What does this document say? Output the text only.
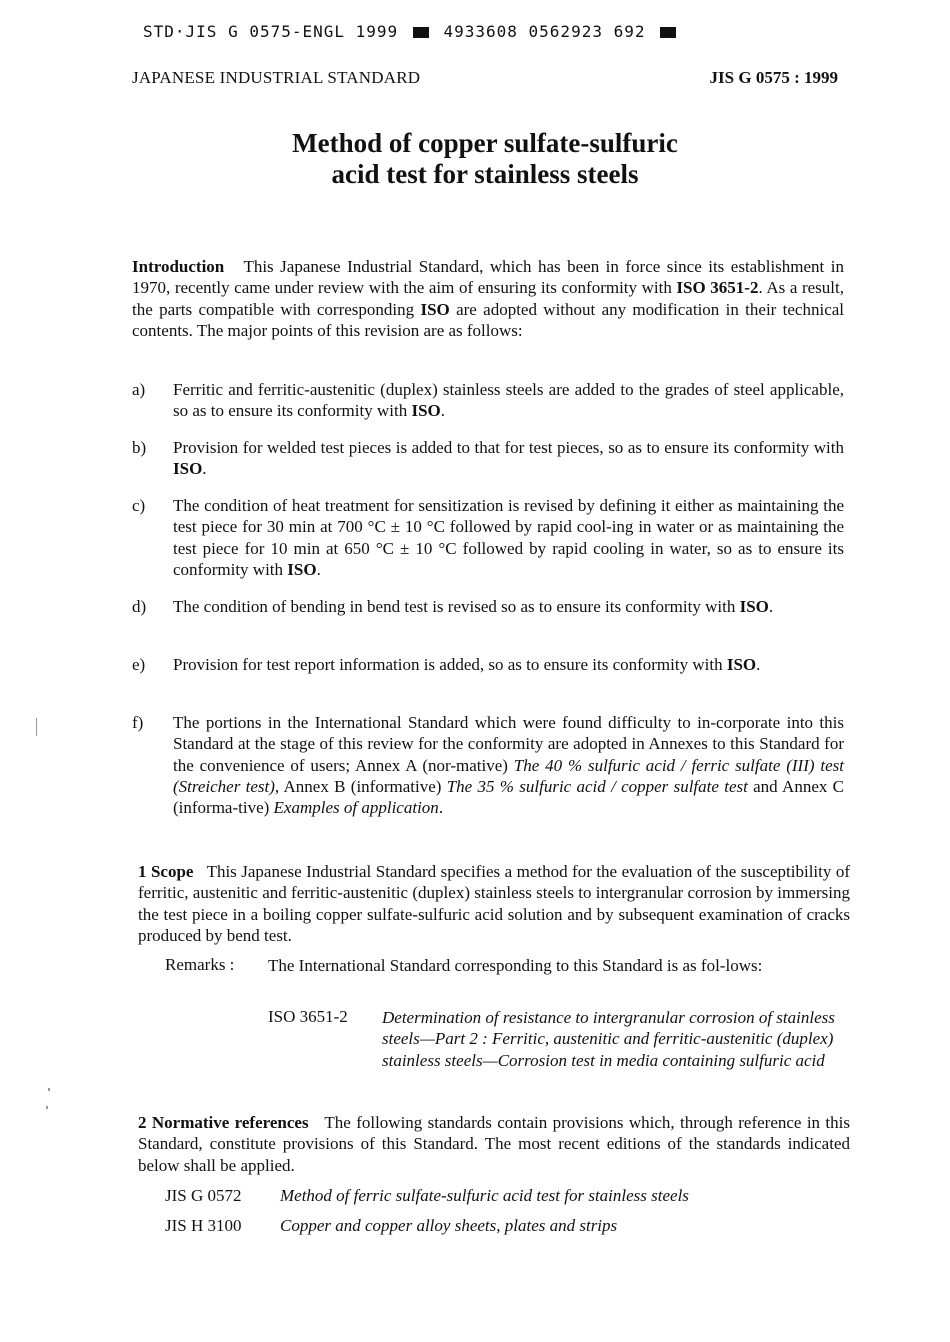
STD·JIS G 0575-ENGL 1999	4933608 0562923 692
JAPANESE INDUSTRIAL STANDARD	JIS G 0575 : 1999
Method of copper sulfate-sulfuric
acid test for stainless steels
Introduction This Japanese Industrial Standard, which has been in force since its establishment in 1970, recently came under review with the aim of ensuring its conformity with ISO 3651-2. As a result, the parts compatible with corresponding ISO are adopted without any modification in their technical contents. The major points of this revision are as follows:
a) Ferritic and ferritic-austenitic (duplex) stainless steels are added to the grades of steel applicable, so as to ensure its conformity with ISO.
b) Provision for welded test pieces is added to that for test pieces, so as to ensure its conformity with ISO.
c) The condition of heat treatment for sensitization is revised by defining it either as maintaining the test piece for 30 min at 700 °C ± 10 °C followed by rapid cool-ing in water or as maintaining the test piece for 10 min at 650 °C ± 10 °C followed by rapid cooling in water, so as to ensure its conformity with ISO.
d) The condition of bending in bend test is revised so as to ensure its conformity with ISO.
e) Provision for test report information is added, so as to ensure its conformity with ISO.
f) The portions in the International Standard which were found difficulty to in-corporate into this Standard at the stage of this review for the conformity are adopted in Annexes to this Standard for the convenience of users; Annex A (nor-mative) The 40 % sulfuric acid / ferric sulfate (III) test (Streicher test), Annex B (informative) The 35 % sulfuric acid / copper sulfate test and Annex C (informa-tive) Examples of application.
1 Scope This Japanese Industrial Standard specifies a method for the evaluation of the susceptibility of ferritic, austenitic and ferritic-austenitic (duplex) stainless steels to intergranular corrosion by immersing the test piece in a boiling copper sulfate-sulfuric acid solution and by subsequent examination of cracks produced by bend test.
Remarks : The International Standard corresponding to this Standard is as fol-lows:
ISO 3651-2 Determination of resistance to intergranular corrosion of stainless steels—Part 2 : Ferritic, austenitic and ferritic-austenitic (duplex) stainless steels—Corrosion test in media containing sulfuric acid
2 Normative references The following standards contain provisions which, through reference in this Standard, constitute provisions of this Standard. The most recent editions of the standards indicated below shall be applied.
JIS G 0572 Method of ferric sulfate-sulfuric acid test for stainless steels
JIS H 3100 Copper and copper alloy sheets, plates and strips
